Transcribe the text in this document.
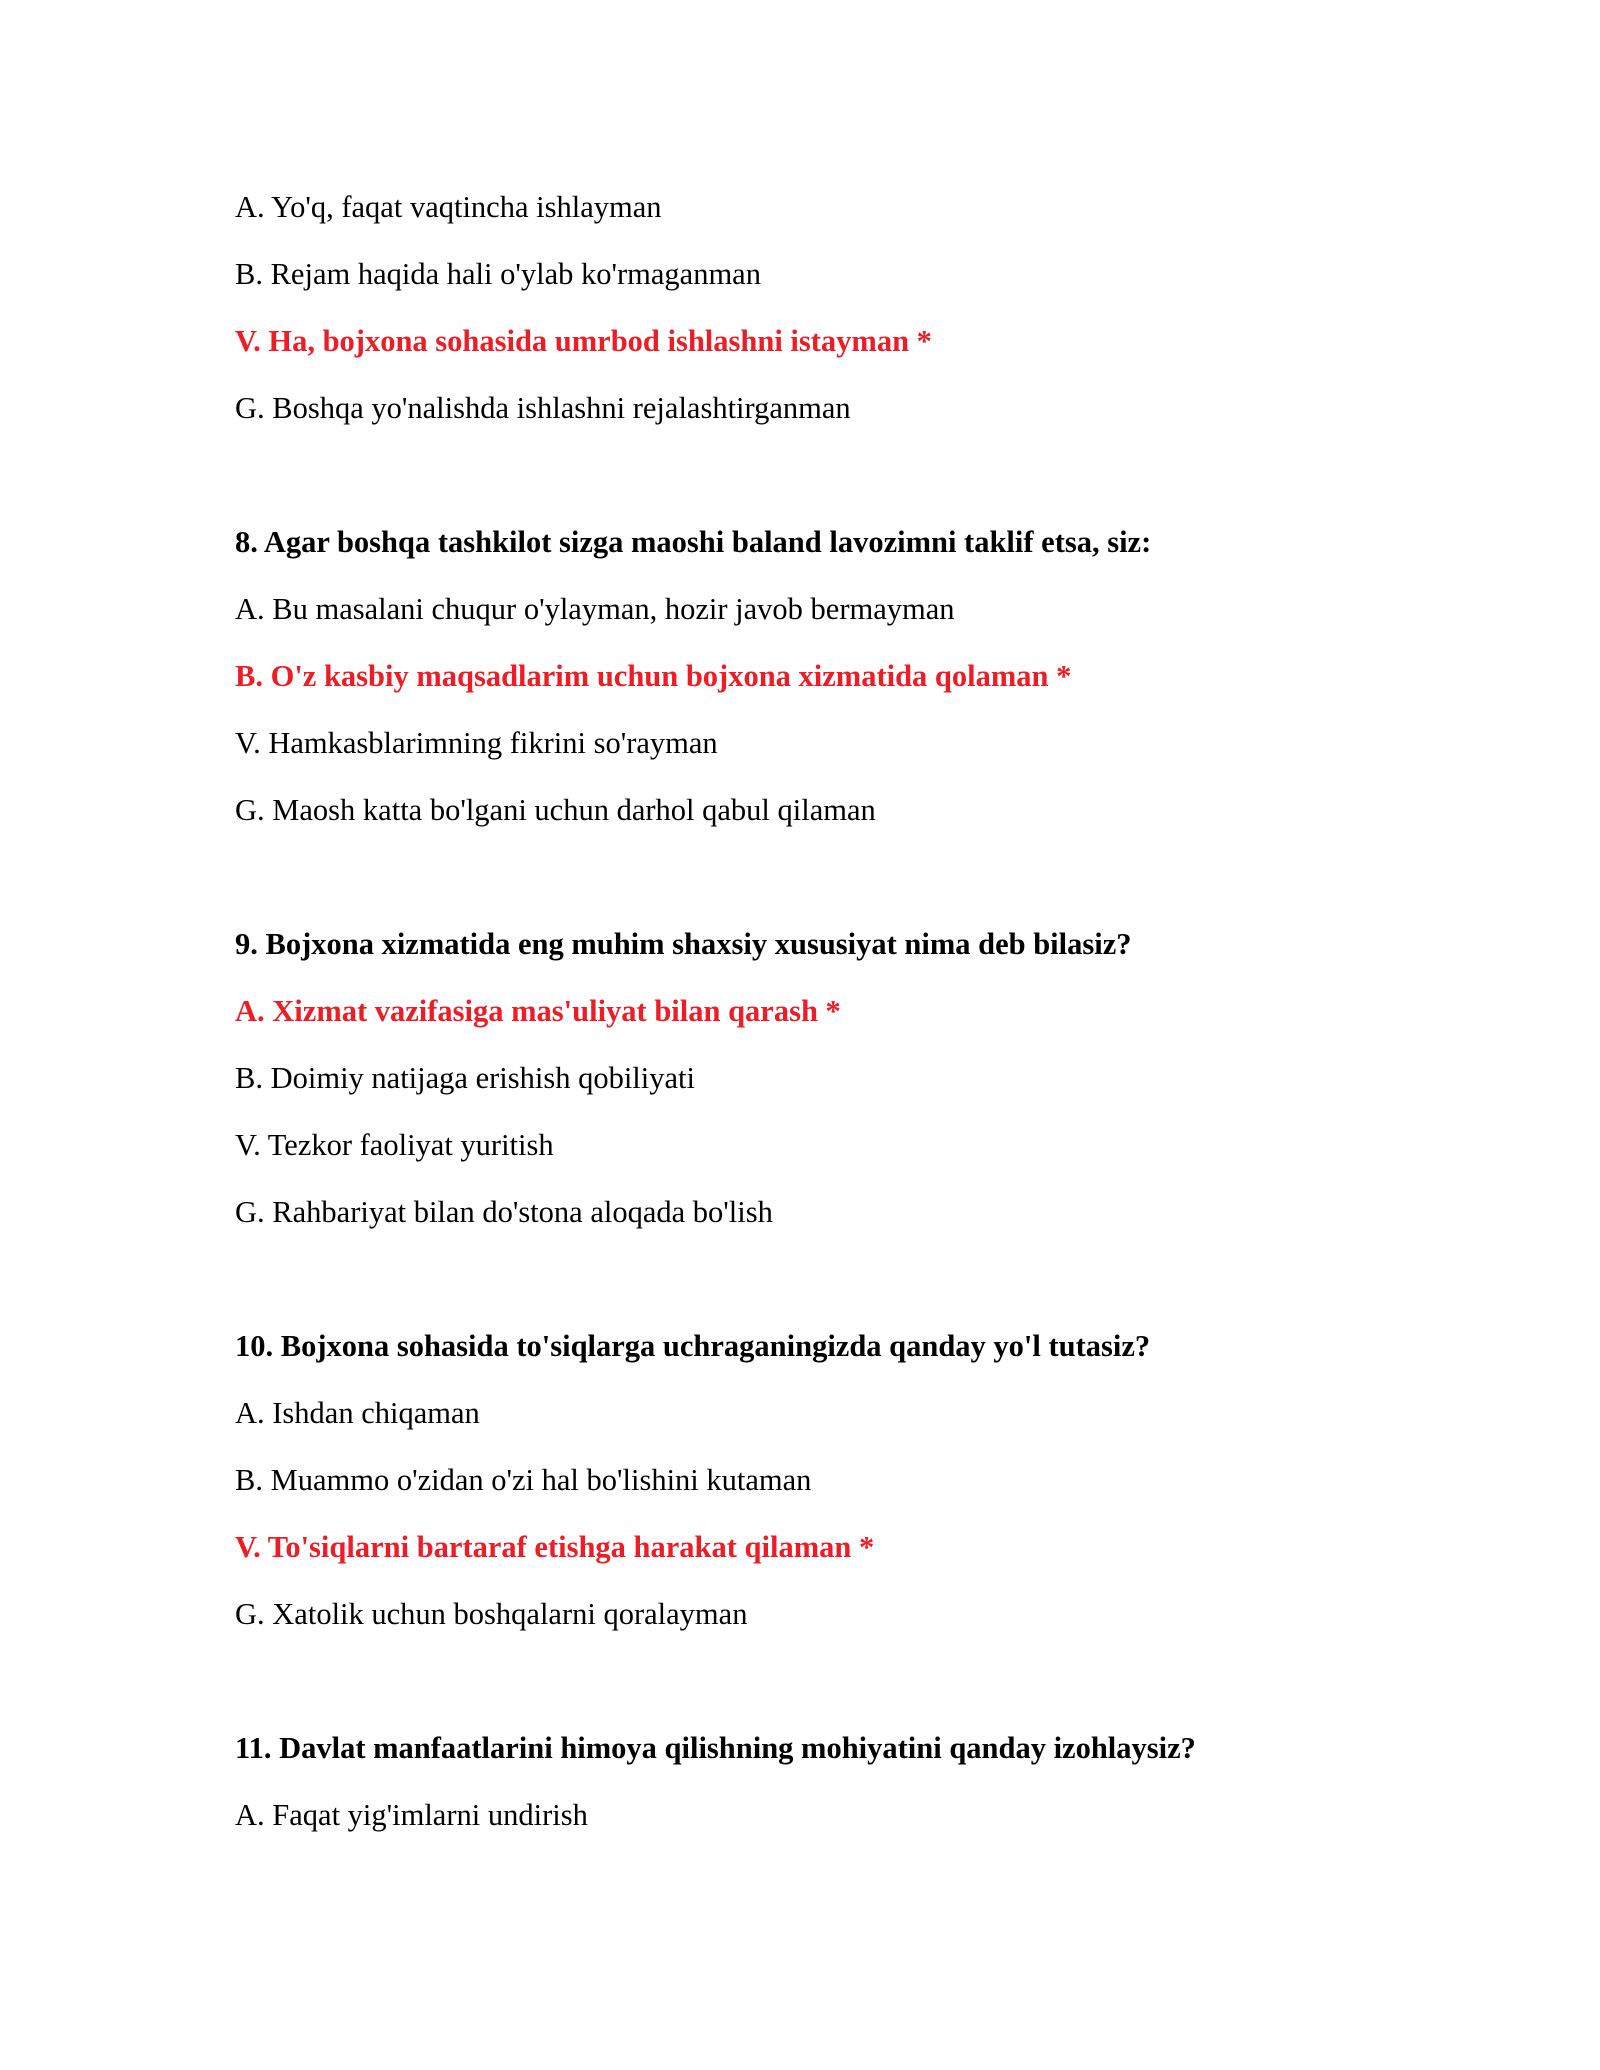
A. Yo'q, faqat vaqtincha ishlayman
B. Rejam haqida hali o'ylab ko'rmaganman
V. Ha, bojxona sohasida umrbod ishlashni istayman *
G. Boshqa yo'nalishda ishlashni rejalashtirganman
8. Agar boshqa tashkilot sizga maoshi baland lavozimni taklif etsa, siz:
A. Bu masalani chuqur o'ylayman, hozir javob bermayman
B. O'z kasbiy maqsadlarim uchun bojxona xizmatida qolaman *
V. Hamkasblarimning fikrini so'rayman
G. Maosh katta bo'lgani uchun darhol qabul qilaman
9. Bojxona xizmatida eng muhim shaxsiy xususiyat nima deb bilasiz?
A. Xizmat vazifasiga mas'uliyat bilan qarash *
B. Doimiy natijaga erishish qobiliyati
V. Tezkor faoliyat yuritish
G. Rahbariyat bilan do'stona aloqada bo'lish
10. Bojxona sohasida to'siqlarga uchraganingizda qanday yo'l tutasiz?
A. Ishdan chiqaman
B. Muammo o'zidan o'zi hal bo'lishini kutaman
V. To'siqlarni bartaraf etishga harakat qilaman *
G. Xatolik uchun boshqalarni qoralayman
11. Davlat manfaatlarini himoya qilishning mohiyatini qanday izohlaysiz?
A. Faqat yig'imlarni undirish
